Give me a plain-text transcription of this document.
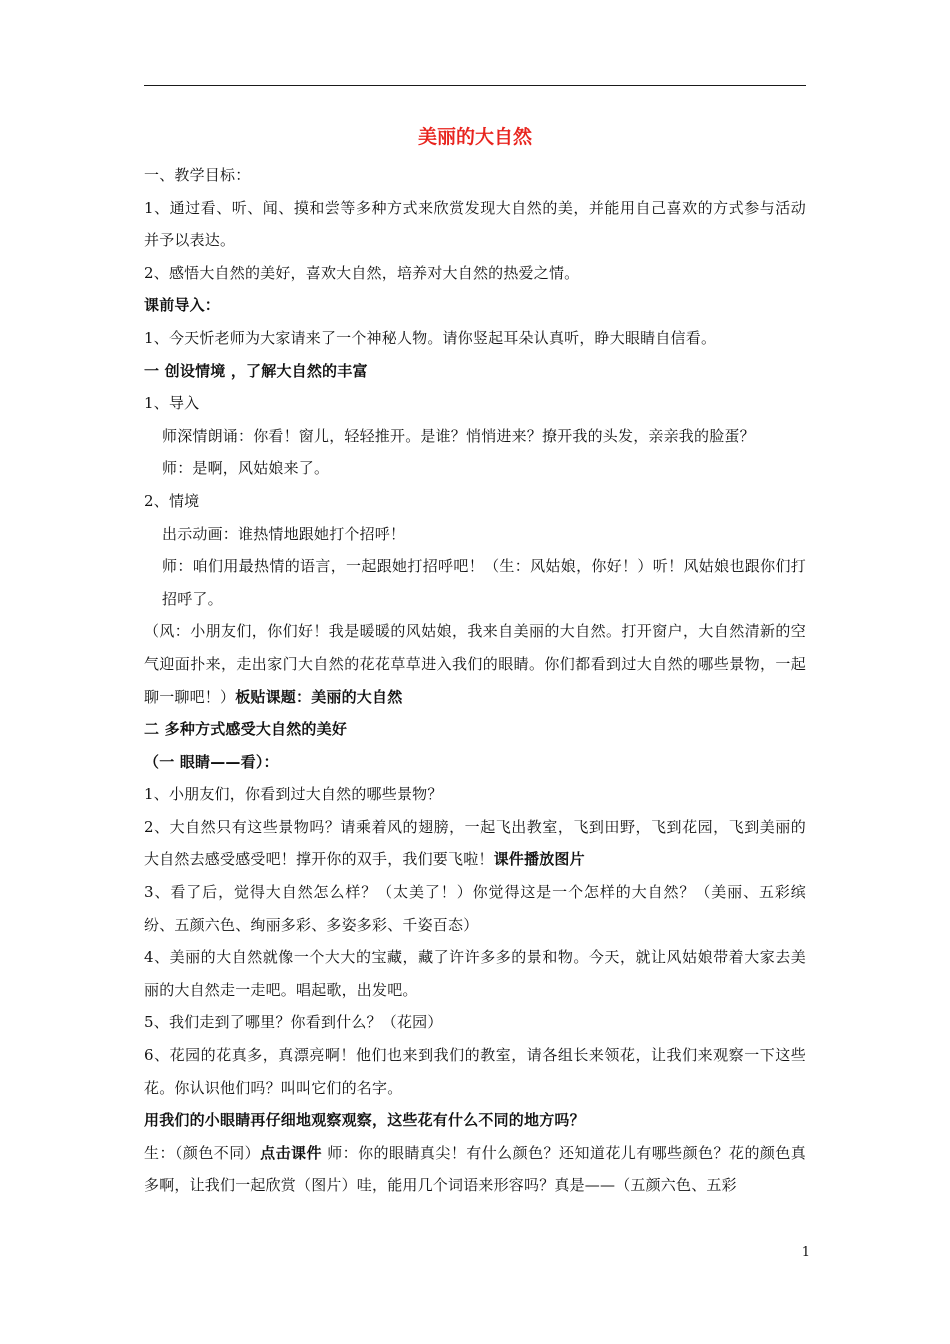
美丽的大自然

一、教学目标：

1、通过看、听、闻、摸和尝等多种方式来欣赏发现大自然的美，并能用自己喜欢的方式参与活动并予以表达。

2、感悟大自然的美好，喜欢大自然，培养对大自然的热爱之情。

课前导入：

1、今天忻老师为大家请来了一个神秘人物。请你竖起耳朵认真听，睁大眼睛自信看。

一 创设情境 ，了解大自然的丰富

1、导入

师深情朗诵：你看！窗儿，轻轻推开。是谁？悄悄进来？撩开我的头发，亲亲我的脸蛋？

师：是啊，风姑娘来了。

2、情境

出示动画：谁热情地跟她打个招呼！

师：咱们用最热情的语言，一起跟她打招呼吧！（生：风姑娘，你好！）听！风姑娘也跟你们打招呼了。

（风：小朋友们，你们好！我是暖暖的风姑娘，我来自美丽的大自然。打开窗户，大自然清新的空气迎面扑来，走出家门大自然的花花草草进入我们的眼睛。你们都看到过大自然的哪些景物，一起聊一聊吧！）板贴课题：美丽的大自然

二 多种方式感受大自然的美好

（一 眼睛——看）：

1、小朋友们，你看到过大自然的哪些景物？

2、大自然只有这些景物吗？请乘着风的翅膀，一起飞出教室，飞到田野，飞到花园，飞到美丽的大自然去感受感受吧！撑开你的双手，我们要飞啦！课件播放图片

3、看了后，觉得大自然怎么样？（太美了！）你觉得这是一个怎样的大自然？（美丽、五彩缤纷、五颜六色、绚丽多彩、多姿多彩、千姿百态）

4、美丽的大自然就像一个大大的宝藏，藏了许许多多的景和物。今天，就让风姑娘带着大家去美丽的大自然走一走吧。唱起歌，出发吧。

5、我们走到了哪里？你看到什么？（花园）

6、花园的花真多，真漂亮啊！他们也来到我们的教室，请各组长来领花，让我们来观察一下这些花。你认识他们吗？叫叫它们的名字。

用我们的小眼睛再仔细地观察观察，这些花有什么不同的地方吗？

生：（颜色不同）点击课件 师：你的眼睛真尖！有什么颜色？还知道花儿有哪些颜色？花的颜色真多啊，让我们一起欣赏（图片）哇，能用几个词语来形容吗？真是——（五颜六色、五彩

1
